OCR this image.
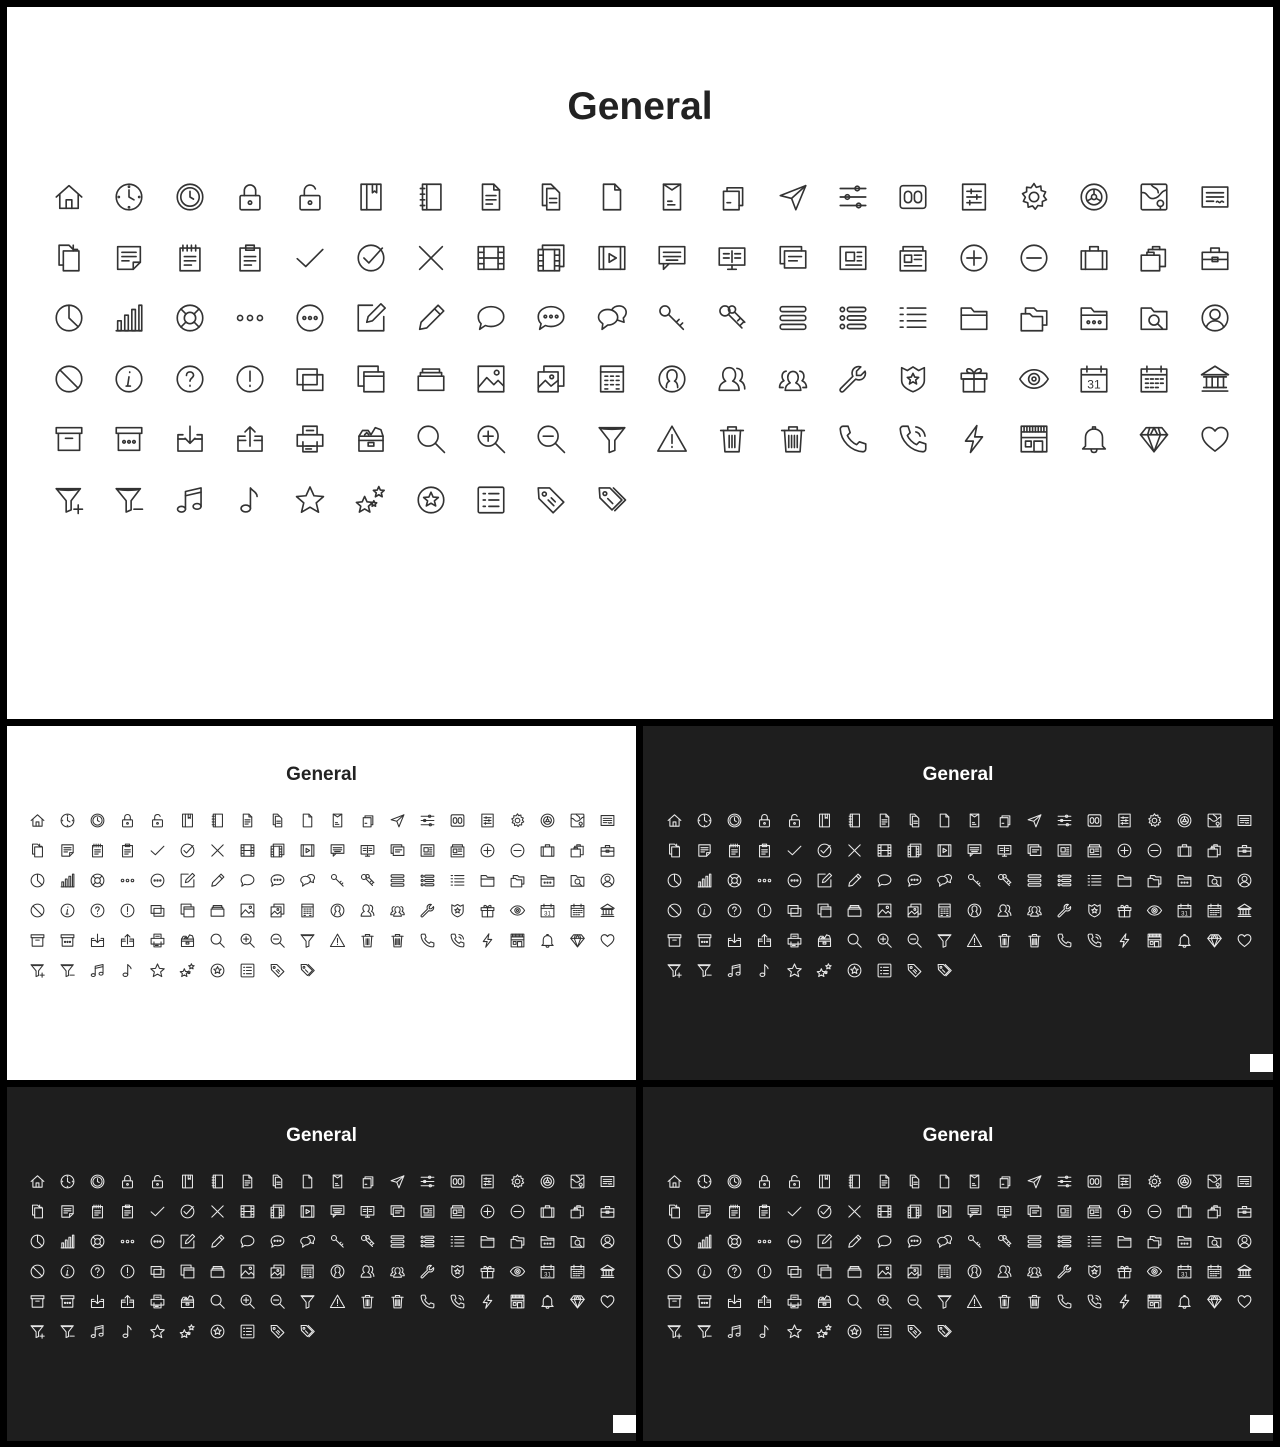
General
31
General
31
General
31
General
31
General
31
